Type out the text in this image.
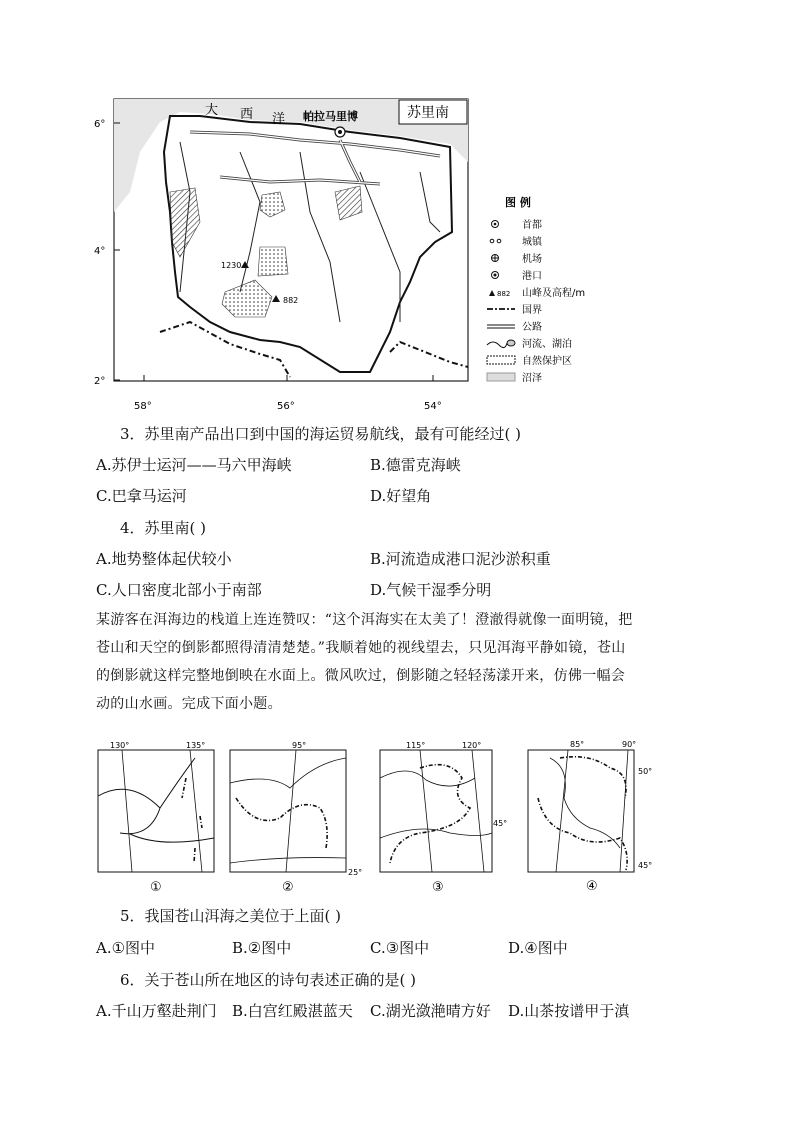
1230
882
大 西 洋 帕拉马里博	苏里南
6°
4°
2°
58°	56°	54°
图 例
首都
城镇
机场
港口
882 山峰及高程/m
国界
公路
河流、湖泊
自然保护区
沼泽
3．苏里南产品出口到中国的海运贸易航线，最有可能经过( )
A.苏伊士运河——马六甲海峡	B.德雷克海峡
C.巴拿马运河	D.好望角
4．苏里南( )
A.地势整体起伏较小	B.河流造成港口泥沙淤积重
C.人口密度北部小于南部	D.气候干湿季分明
某游客在洱海边的栈道上连连赞叹：“这个洱海实在太美了！澄澈得就像一面明镜，把
苍山和天空的倒影都照得清清楚楚。”我顺着她的视线望去，只见洱海平静如镜，苍山
的倒影就这样完整地倒映在水面上。微风吹过，倒影随之轻轻荡漾开来，仿佛一幅会
动的山水画。完成下面小题。
130°	135°
①
95°
25°
②
115°	120°
45°
③
85°	90°
50°
45°
④
5．我国苍山洱海之美位于上面( )
A.①图中	B.②图中	C.③图中	D.④图中
6．关于苍山所在地区的诗句表述正确的是( )
A.千山万壑赴荆门 B.白宫红殿湛蓝天 C.湖光潋滟晴方好 D.山茶按谱甲于滇
